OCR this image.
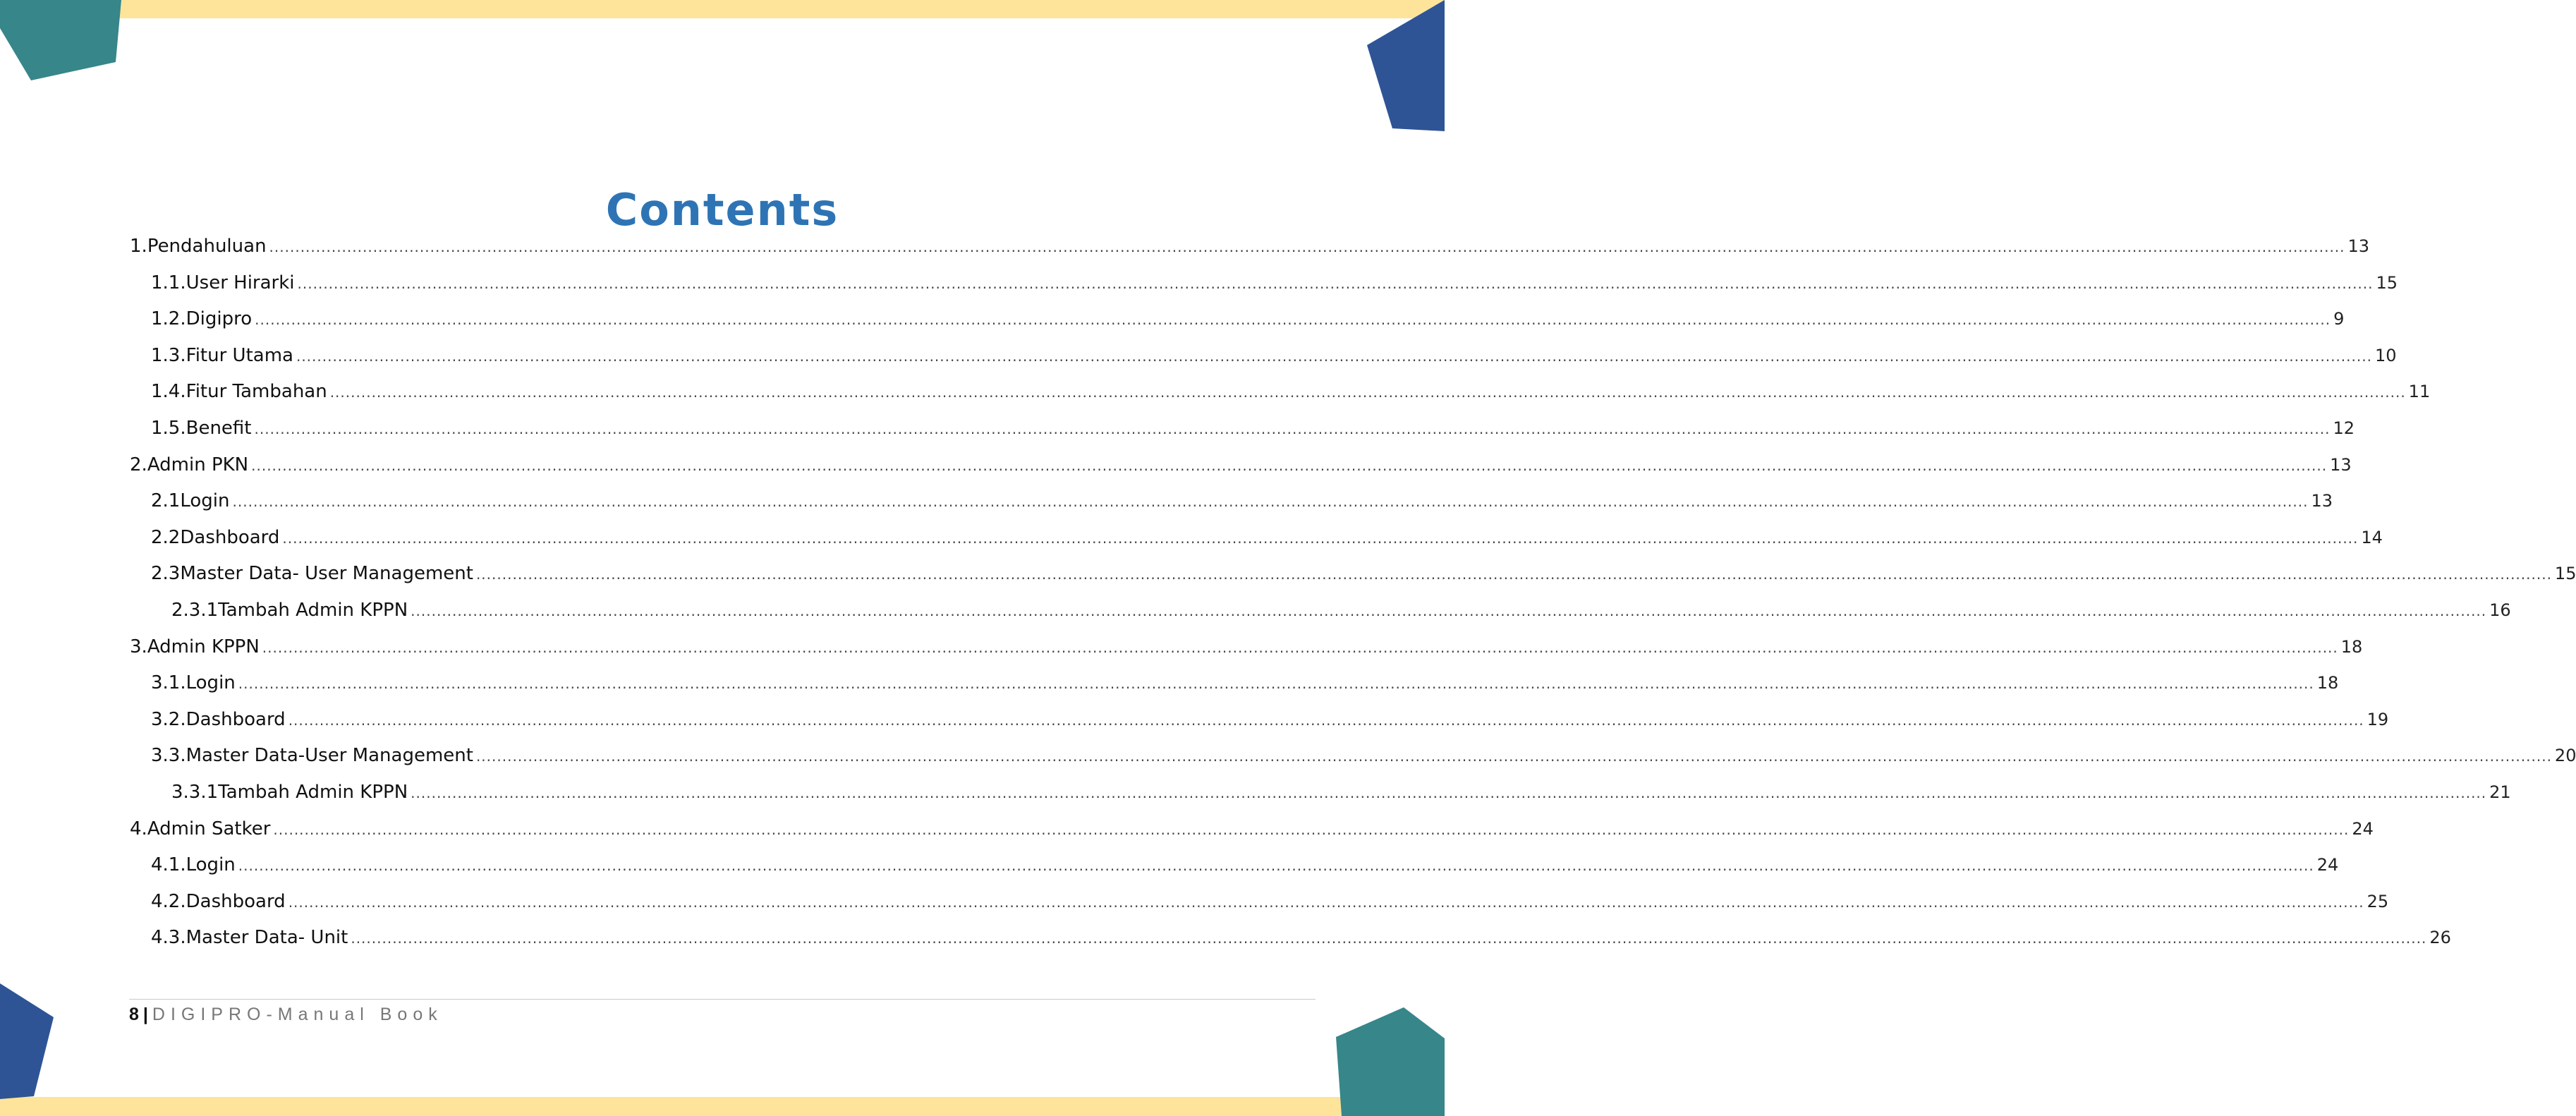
Contents
1. Pendahuluan ................................................................................................................................................................................................................................................................................................................................................................................................................ 13
1.1. User Hirarki ................................................................................................................................................................................................................................................................................................................................................................................................................ 15
1.2. Digipro ................................................................................................................................................................................................................................................................................................................................................................................................................ 9
1.3. Fitur Utama ................................................................................................................................................................................................................................................................................................................................................................................................................ 10
1.4. Fitur Tambahan ................................................................................................................................................................................................................................................................................................................................................................................................................ 11
1.5. Benefit ................................................................................................................................................................................................................................................................................................................................................................................................................ 12
2. Admin PKN ................................................................................................................................................................................................................................................................................................................................................................................................................ 13
2.1 Login ................................................................................................................................................................................................................................................................................................................................................................................................................ 13
2.2 Dashboard ................................................................................................................................................................................................................................................................................................................................................................................................................ 14
2.3 Master Data- User Management ................................................................................................................................................................................................................................................................................................................................................................................................................ 15
2.3.1 Tambah Admin KPPN ................................................................................................................................................................................................................................................................................................................................................................................................................ 16
3. Admin KPPN ................................................................................................................................................................................................................................................................................................................................................................................................................ 18
3.1. Login ................................................................................................................................................................................................................................................................................................................................................................................................................ 18
3.2. Dashboard ................................................................................................................................................................................................................................................................................................................................................................................................................ 19
3.3. Master Data-User Management ................................................................................................................................................................................................................................................................................................................................................................................................................ 20
3.3.1 Tambah Admin KPPN ................................................................................................................................................................................................................................................................................................................................................................................................................ 21
4. Admin Satker ................................................................................................................................................................................................................................................................................................................................................................................................................ 24
4.1. Login ................................................................................................................................................................................................................................................................................................................................................................................................................ 24
4.2. Dashboard ................................................................................................................................................................................................................................................................................................................................................................................................................ 25
4.3. Master Data- Unit ................................................................................................................................................................................................................................................................................................................................................................................................................ 26
8 | DIGIPRO-Manual Book
